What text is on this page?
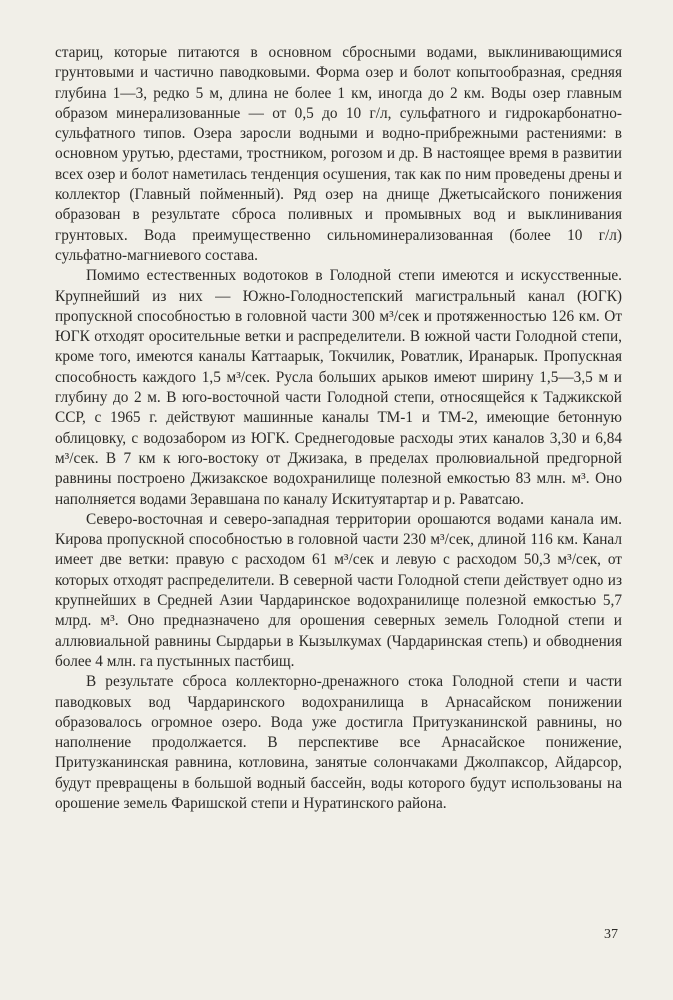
стариц, которые питаются в основном сбросными водами, выклинивающимися грунтовыми и частично паводковыми. Форма озер и болот копытообразная, средняя глубина 1—3, редко 5 м, длина не более 1 км, иногда до 2 км. Воды озер главным образом минерализованные — от 0,5 до 10 г/л, сульфатного и гидрокарбонатно-сульфатного типов. Озера заросли водными и водно-прибрежными растениями: в основном урутью, рдестами, тростником, рогозом и др. В настоящее время в развитии всех озер и болот наметилась тенденция осушения, так как по ним проведены дрены и коллектор (Главный пойменный). Ряд озер на днище Джетысайского понижения образован в результате сброса поливных и промывных вод и выклинивания грунтовых. Вода преимущественно сильноминерализованная (более 10 г/л) сульфатно-магниевого состава.

Помимо естественных водотоков в Голодной степи имеются и искусственные. Крупнейший из них — Южно-Голодностепский магистральный канал (ЮГК) пропускной способностью в головной части 300 м³/сек и протяженностью 126 км. От ЮГК отходят оросительные ветки и распределители. В южной части Голодной степи, кроме того, имеются каналы Каттаарык, Токчилик, Роватлик, Иранарык. Пропускная способность каждого 1,5 м³/сек. Русла больших арыков имеют ширину 1,5—3,5 м и глубину до 2 м. В юго-восточной части Голодной степи, относящейся к Таджикской ССР, с 1965 г. действуют машинные каналы ТМ-1 и ТМ-2, имеющие бетонную облицовку, с водозабором из ЮГК. Среднегодовые расходы этих каналов 3,30 и 6,84 м³/сек. В 7 км к юго-востоку от Джизака, в пределах пролювиальной предгорной равнины построено Джизакское водохранилище полезной емкостью 83 млн. м³. Оно наполняется водами Зеравшана по каналу Искитуятартар и р. Раватсаю.

Северо-восточная и северо-западная территории орошаются водами канала им. Кирова пропускной способностью в головной части 230 м³/сек, длиной 116 км. Канал имеет две ветки: правую с расходом 61 м³/сек и левую с расходом 50,3 м³/сек, от которых отходят распределители. В северной части Голодной степи действует одно из крупнейших в Средней Азии Чардаринское водохранилище полезной емкостью 5,7 млрд. м³. Оно предназначено для орошения северных земель Голодной степи и аллювиальной равнины Сырдарьи в Кызылкумах (Чардаринская степь) и обводнения более 4 млн. га пустынных пастбищ.

В результате сброса коллекторно-дренажного стока Голодной степи и части паводковых вод Чардаринского водохранилища в Арнасайском понижении образовалось огромное озеро. Вода уже достигла Притузканинской равнины, но наполнение продолжается. В перспективе все Арнасайское понижение, Притузканинская равнина, котловина, занятые солончаками Джолпаксор, Айдарсор, будут превращены в большой водный бассейн, воды которого будут использованы на орошение земель Фаришской степи и Нуратинского района.

37
